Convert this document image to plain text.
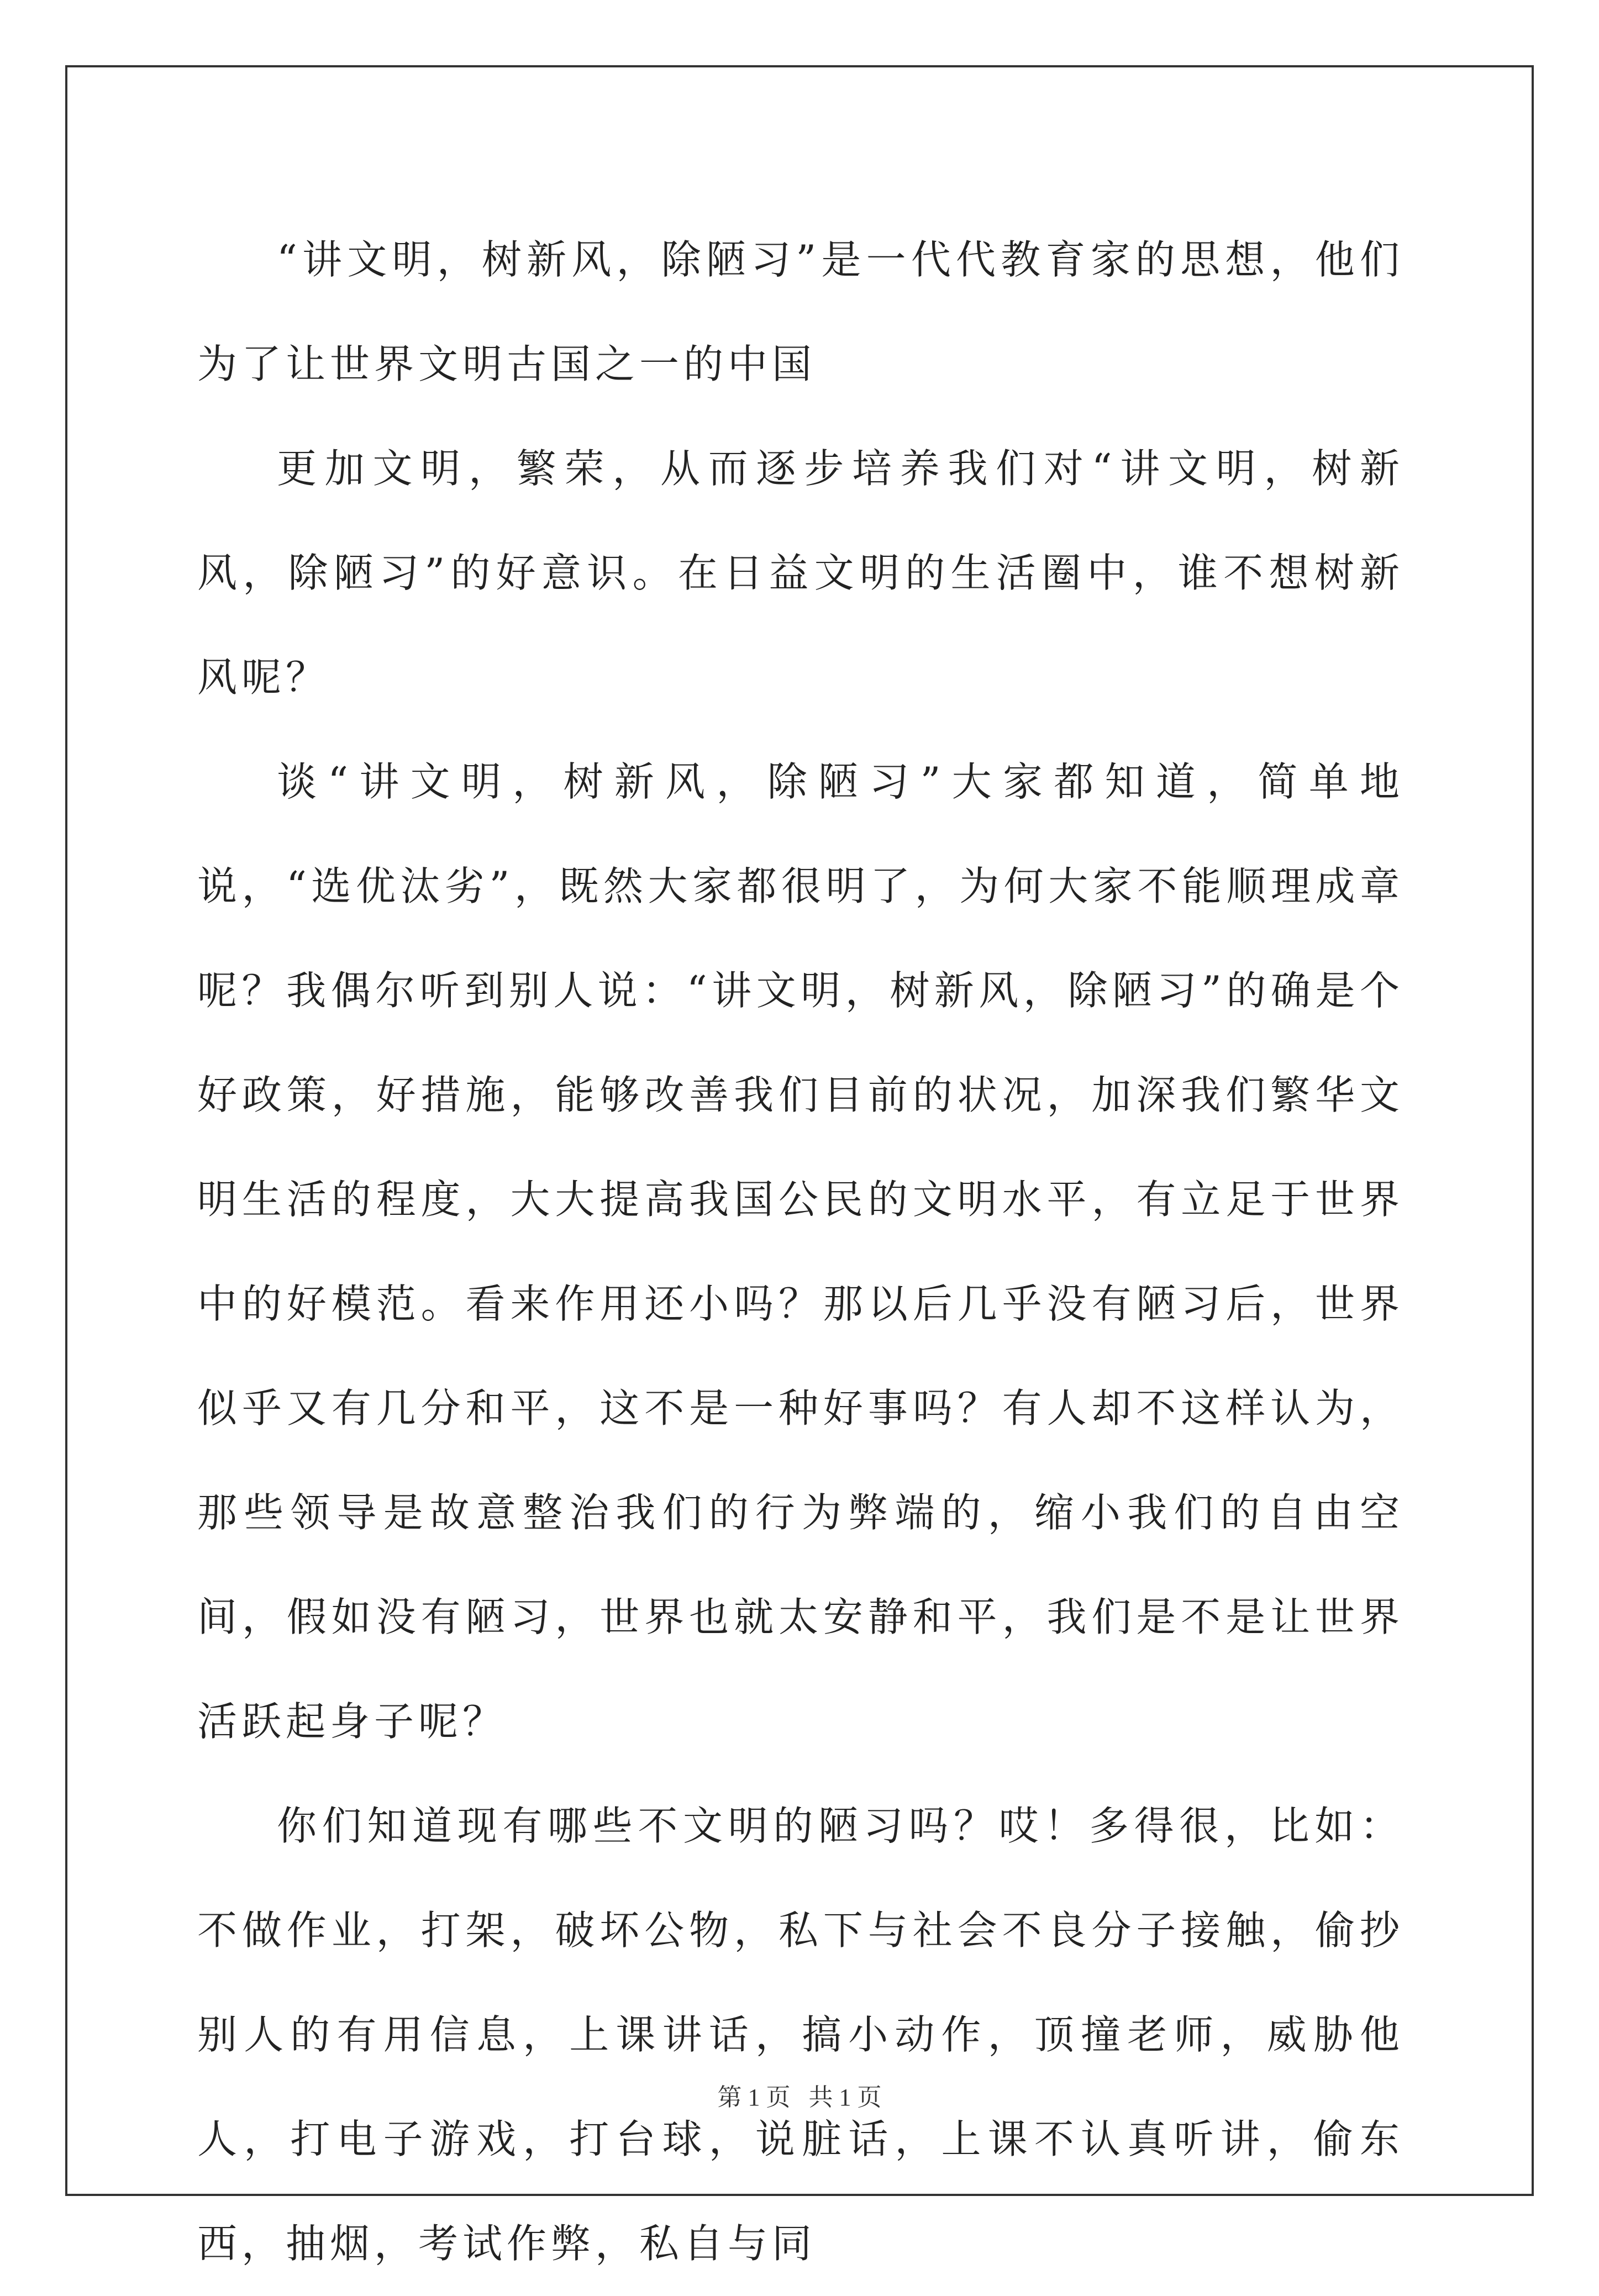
“讲文明，树新风，除陋习”是一代代教育家的思想，他们为了让世界文明古国之一的中国

更加文明，繁荣，从而逐步培养我们对“讲文明，树新风，除陋习”的好意识。在日益文明的生活圈中，谁不想树新风呢？

谈“讲文明，树新风，除陋习”大家都知道，简单地说，“选优汰劣”，既然大家都很明了，为何大家不能顺理成章呢？我偶尔听到别人说：“讲文明，树新风，除陋习”的确是个好政策，好措施，能够改善我们目前的状况，加深我们繁华文明生活的程度，大大提高我国公民的文明水平，有立足于世界中的好模范。看来作用还小吗？那以后几乎没有陋习后，世界似乎又有几分和平，这不是一种好事吗？有人却不这样认为，那些领导是故意整治我们的行为弊端的，缩小我们的自由空间，假如没有陋习，世界也就太安静和平，我们是不是让世界活跃起身子呢？

你们知道现有哪些不文明的陋习吗？哎！多得很，比如：不做作业，打架，破坏公物，私下与社会不良分子接触，偷抄别人的有用信息，上课讲话，搞小动作，顶撞老师，威胁他人，打电子游戏，打台球，说脏话，上课不认真听讲，偷东西，抽烟，考试作弊，私自与同

第 1 页 共 1 页
